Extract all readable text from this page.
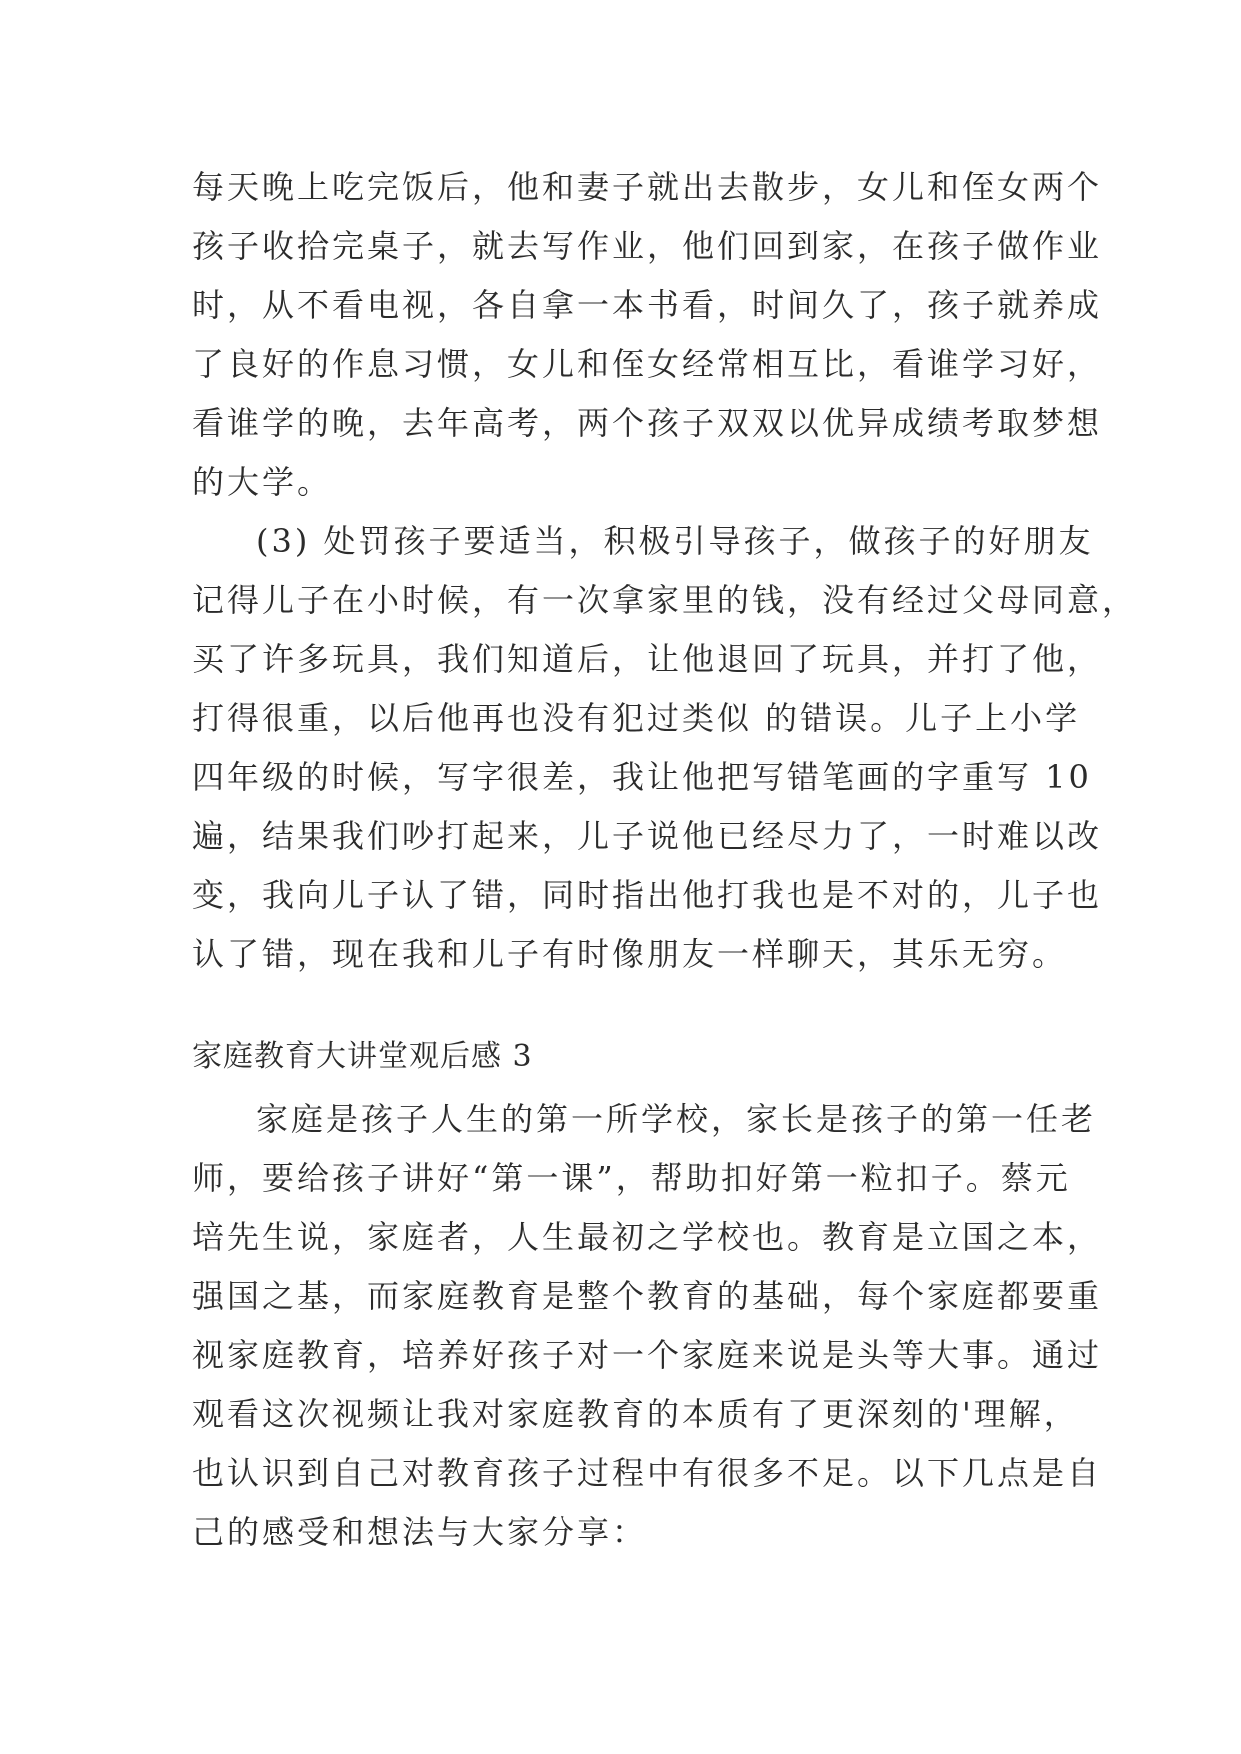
每天晚上吃完饭后，他和妻子就出去散步，女儿和侄女两个
孩子收拾完桌子，就去写作业，他们回到家，在孩子做作业
时，从不看电视，各自拿一本书看，时间久了，孩子就养成
了良好的作息习惯，女儿和侄女经常相互比，看谁学习好，
看谁学的晚，去年高考，两个孩子双双以优异成绩考取梦想
的大学。
(3) 处罚孩子要适当，积极引导孩子，做孩子的好朋友
记得儿子在小时候，有一次拿家里的钱，没有经过父母同意，
买了许多玩具，我们知道后，让他退回了玩具，并打了他，
打得很重，以后他再也没有犯过类似 的错误。儿子上小学
四年级的时候，写字很差，我让他把写错笔画的字重写 10
遍，结果我们吵打起来，儿子说他已经尽力了，一时难以改
变，我向儿子认了错，同时指出他打我也是不对的，儿子也
认了错，现在我和儿子有时像朋友一样聊天，其乐无穷。
家庭教育大讲堂观后感 3
家庭是孩子人生的第一所学校，家长是孩子的第一任老
师，要给孩子讲好“第一课”，帮助扣好第一粒扣子。蔡元
培先生说，家庭者，人生最初之学校也。教育是立国之本，
强国之基，而家庭教育是整个教育的基础，每个家庭都要重
视家庭教育，培养好孩子对一个家庭来说是头等大事。通过
观看这次视频让我对家庭教育的本质有了更深刻的'理解，
也认识到自己对教育孩子过程中有很多不足。以下几点是自
己的感受和想法与大家分享：
